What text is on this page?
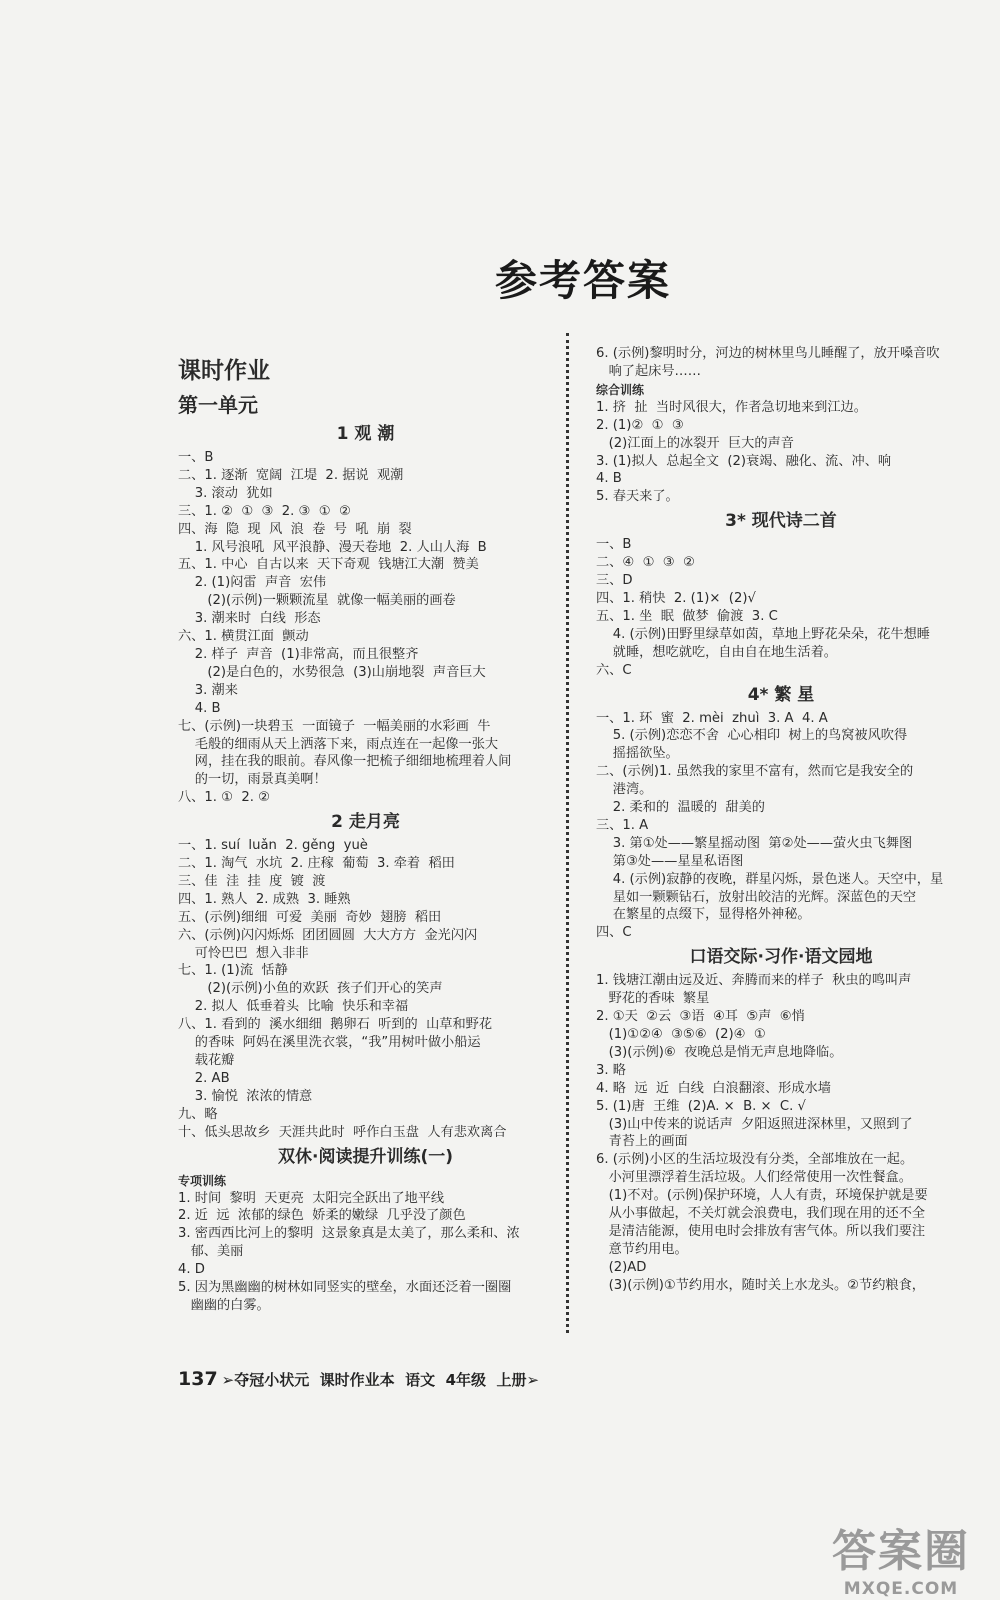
参考答案
课时作业
第一单元
1 观 潮
一、B
二、1. 逐渐  宽阔  江堤  2. 据说  观潮
3. 滚动  犹如
三、1. ②  ①  ③  2. ③  ①  ②
四、海  隐  现  风  浪  卷  号  吼  崩  裂
1. 风号浪吼  风平浪静、漫天卷地  2. 人山人海  B
五、1. 中心  自古以来  天下奇观  钱塘江大潮  赞美
2. (1)闷雷  声音  宏伟
(2)(示例)一颗颗流星  就像一幅美丽的画卷
3. 潮来时  白线  形态
六、1. 横贯江面  颤动
2. 样子  声音  (1)非常高，而且很整齐
(2)是白色的，水势很急  (3)山崩地裂  声音巨大
3. 潮来
4. B
七、(示例)一块碧玉  一面镜子  一幅美丽的水彩画  牛
毛般的细雨从天上洒落下来，雨点连在一起像一张大
网，挂在我的眼前。春风像一把梳子细细地梳理着人间
的一切，雨景真美啊！
八、1. ①  2. ②
2 走月亮
一、1. suí  luǎn  2. gěng  yuè
二、1. 淘气  水坑  2. 庄稼  葡萄  3. 牵着  稻田
三、佳  洼  挂  度  镀  渡
四、1. 熟人  2. 成熟  3. 睡熟
五、(示例)细细  可爱  美丽  奇妙  翅膀  稻田
六、(示例)闪闪烁烁  团团圆圆  大大方方  金光闪闪
可怜巴巴  想入非非
七、1. (1)流  恬静
(2)(示例)小鱼的欢跃  孩子们开心的笑声
2. 拟人  低垂着头  比喻  快乐和幸福
八、1. 看到的  溪水细细  鹅卵石  听到的  山草和野花
的香味  阿妈在溪里洗衣裳，“我”用树叶做小船运
载花瓣
2. AB
3. 愉悦  浓浓的情意
九、略
十、低头思故乡  天涯共此时  呼作白玉盘  人有悲欢离合
双休·阅读提升训练(一)
专项训练
1. 时间  黎明  天更亮  太阳完全跃出了地平线
2. 近  远  浓郁的绿色  娇柔的嫩绿  几乎没了颜色
3. 密西西比河上的黎明  这景象真是太美了，那么柔和、浓
郁、美丽
4. D
5. 因为黑幽幽的树林如同竖实的壁垒，水面还泛着一圈圈
幽幽的白雾。
6. (示例)黎明时分，河边的树林里鸟儿睡醒了，放开嗓音吹
响了起床号……
综合训练
1. 挤  扯  当时风很大，作者急切地来到江边。
2. (1)②  ①  ③
(2)江面上的冰裂开  巨大的声音
3. (1)拟人  总起全文  (2)衰竭、融化、流、冲、响
4. B
5. 春天来了。
3* 现代诗二首
一、B
二、④  ①  ③  ②
三、D
四、1. 稍快  2. (1)×  (2)√
五、1. 坐  眠  做梦  偷渡  3. C
4. (示例)田野里绿草如茵，草地上野花朵朵，花牛想睡
就睡，想吃就吃，自由自在地生活着。
六、C
4* 繁 星
一、1. 环  蜜  2. mèi  zhuì  3. A  4. A
5. (示例)恋恋不舍  心心相印  树上的鸟窝被风吹得
摇摇欲坠。
二、(示例)1. 虽然我的家里不富有，然而它是我安全的
港湾。
2. 柔和的  温暖的  甜美的
三、1. A
3. 第①处——繁星摇动图  第②处——萤火虫飞舞图
第③处——星星私语图
4. (示例)寂静的夜晚，群星闪烁，景色迷人。天空中，星
星如一颗颗钻石，放射出皎洁的光辉。深蓝色的天空
在繁星的点缀下，显得格外神秘。
四、C
口语交际·习作·语文园地
1. 钱塘江潮由远及近、奔腾而来的样子  秋虫的鸣叫声
野花的香味  繁星
2. ①天  ②云  ③语  ④耳  ⑤声  ⑥悄
(1)①②④  ③⑤⑥  (2)④  ①
(3)(示例)⑥  夜晚总是悄无声息地降临。
3. 略
4. 略  远  近  白线  白浪翻滚、形成水墙
5. (1)唐  王维  (2)A. ×  B. ×  C. √
(3)山中传来的说话声  夕阳返照进深林里，又照到了
青苔上的画面
6. (示例)小区的生活垃圾没有分类，全部堆放在一起。
小河里漂浮着生活垃圾。人们经常使用一次性餐盒。
(1)不对。(示例)保护环境，人人有责，环境保护就是要
从小事做起，不关灯就会浪费电，我们现在用的还不全
是清洁能源，使用电时会排放有害气体。所以我们要注
意节约用电。
(2)AD
(3)(示例)①节约用水，随时关上水龙头。②节约粮食，
137 ➢夺冠小状元  课时作业本  语文  4年级  上册➢
答案圈
MXQE.COM
